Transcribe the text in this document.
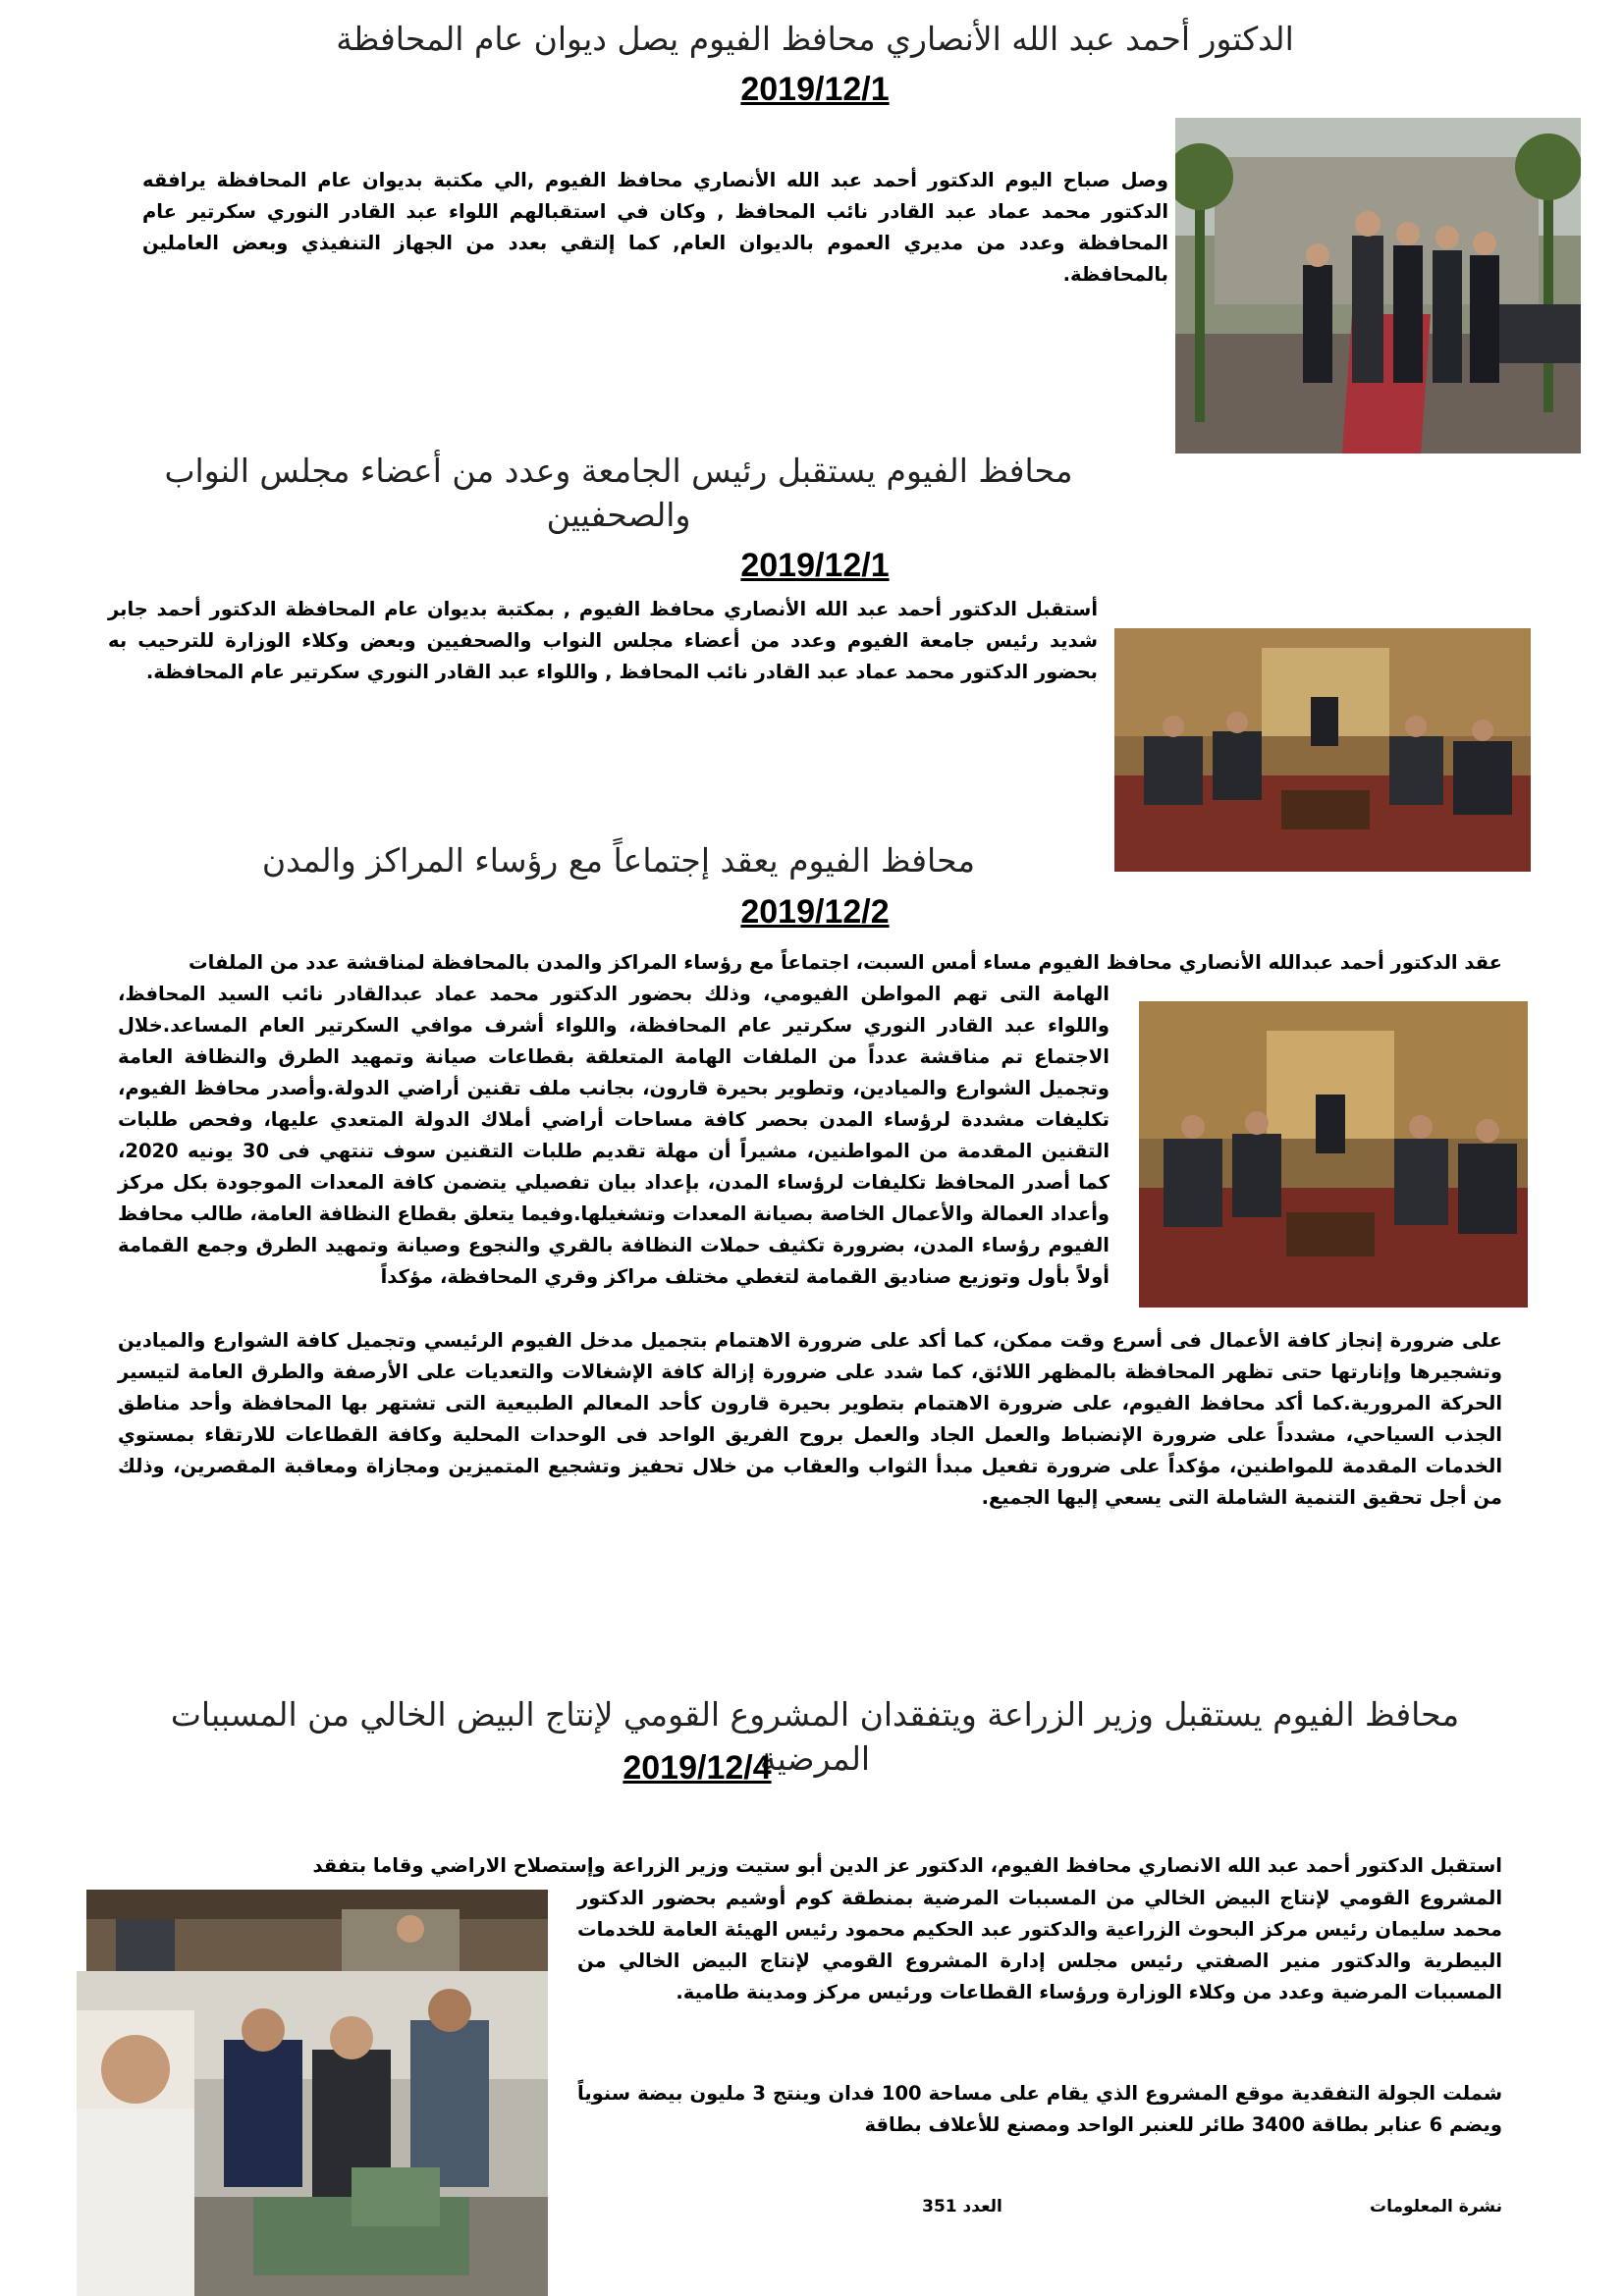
الدكتور أحمد عبد الله الأنصاري محافظ الفيوم يصل ديوان عام المحافظة
2019/12/1
وصل صباح اليوم الدكتور أحمد عبد الله الأنصاري محافظ الفيوم ,الي مكتبة بديوان عام المحافظة يرافقه الدكتور محمد عماد عبد القادر نائب المحافظ , وكان في استقبالهم اللواء عبد القادر النوري سكرتير عام المحافظة وعدد من مديري العموم بالديوان العام, كما إلتقي بعدد من الجهاز التنفيذي وبعض العاملين بالمحافظة.
محافظ الفيوم يستقبل رئيس الجامعة وعدد من أعضاء مجلس النواب والصحفيين
2019/12/1
أستقبل الدكتور أحمد عبد الله الأنصاري محافظ الفيوم , بمكتبة بديوان عام المحافظة الدكتور أحمد جابر شديد رئيس جامعة الفيوم وعدد من أعضاء مجلس النواب والصحفيين وبعض وكلاء الوزارة للترحيب به بحضور الدكتور محمد عماد عبد القادر نائب المحافظ , واللواء عبد القادر النوري سكرتير عام المحافظة.
محافظ الفيوم يعقد إجتماعاً مع رؤساء المراكز والمدن
2019/12/2
عقد الدكتور أحمد عبدالله الأنصاري محافظ الفيوم مساء أمس السبت، اجتماعاً مع رؤساء المراكز والمدن بالمحافظة لمناقشة عدد من الملفات
الهامة التى تهم المواطن الفيومي، وذلك بحضور الدكتور محمد عماد عبدالقادر نائب السيد المحافظ، واللواء عبد القادر النوري سكرتير عام المحافظة، واللواء أشرف موافي السكرتير العام المساعد.خلال الاجتماع تم مناقشة عدداً من الملفات الهامة المتعلقة بقطاعات صيانة وتمهيد الطرق والنظافة العامة وتجميل الشوارع والميادين، وتطوير بحيرة قارون، بجانب ملف تقنين أراضي الدولة.وأصدر محافظ الفيوم، تكليفات مشددة لرؤساء المدن بحصر كافة مساحات أراضي أملاك الدولة المتعدي عليها، وفحص طلبات التقنين المقدمة من المواطنين، مشيراً أن مهلة تقديم طلبات التقنين سوف تنتهي فى 30 يونيه 2020، كما أصدر المحافظ تكليفات لرؤساء المدن، بإعداد بيان تفصيلي يتضمن كافة المعدات الموجودة بكل مركز وأعداد العمالة والأعمال الخاصة بصيانة المعدات وتشغيلها.وفيما يتعلق بقطاع النظافة العامة، طالب محافظ الفيوم رؤساء المدن، بضرورة تكثيف حملات النظافة بالقري والنجوع وصيانة وتمهيد الطرق وجمع القمامة أولاً بأول وتوزيع صناديق القمامة لتغطي مختلف مراكز وقري المحافظة، مؤكداً
على ضرورة إنجاز كافة الأعمال فى أسرع وقت ممكن، كما أكد على ضرورة الاهتمام بتجميل مدخل الفيوم الرئيسي وتجميل كافة الشوارع والميادين وتشجيرها وإنارتها حتى تظهر المحافظة بالمظهر اللائق، كما شدد على ضرورة إزالة كافة الإشغالات والتعديات على الأرصفة والطرق العامة لتيسير الحركة المرورية.كما أكد محافظ الفيوم، على ضرورة الاهتمام بتطوير بحيرة قارون كأحد المعالم الطبيعية التى تشتهر بها المحافظة وأحد مناطق الجذب السياحي، مشدداً على ضرورة الإنضباط والعمل الجاد والعمل بروح الفريق الواحد فى الوحدات المحلية وكافة القطاعات للارتقاء بمستوي الخدمات المقدمة للمواطنين، مؤكداً على ضرورة تفعيل مبدأ الثواب والعقاب من خلال تحفيز وتشجيع المتميزين ومجازاة ومعاقبة المقصرين، وذلك من أجل تحقيق التنمية الشاملة التى يسعي إليها الجميع.
محافظ الفيوم يستقبل وزير الزراعة ويتفقدان المشروع القومي لإنتاج البيض الخالي من المسببات المرضية
2019/12/4
استقبل الدكتور أحمد عبد الله الانصاري محافظ الفيوم، الدكتور عز الدين أبو ستيت وزير الزراعة وإستصلاح الاراضي وقاما بتفقد
المشروع القومي لإنتاج البيض الخالي من المسببات المرضية بمنطقة كوم أوشيم بحضور الدكتور محمد سليمان رئيس مركز البحوث الزراعية والدكتور عبد الحكيم محمود رئيس الهيئة العامة للخدمات البيطرية والدكتور منير الصفتي رئيس مجلس إدارة المشروع القومي لإنتاج البيض الخالي من المسببات المرضية وعدد من وكلاء الوزارة ورؤساء القطاعات ورئيس مركز ومدينة طامية.
شملت الجولة التفقدية موقع المشروع الذي يقام على مساحة 100 فدان وينتج 3 مليون بيضة سنوياً ويضم 6 عنابر بطاقة 3400 طائر للعنبر الواحد ومصنع للأعلاف بطاقة
نشرة المعلومات
العدد 351
